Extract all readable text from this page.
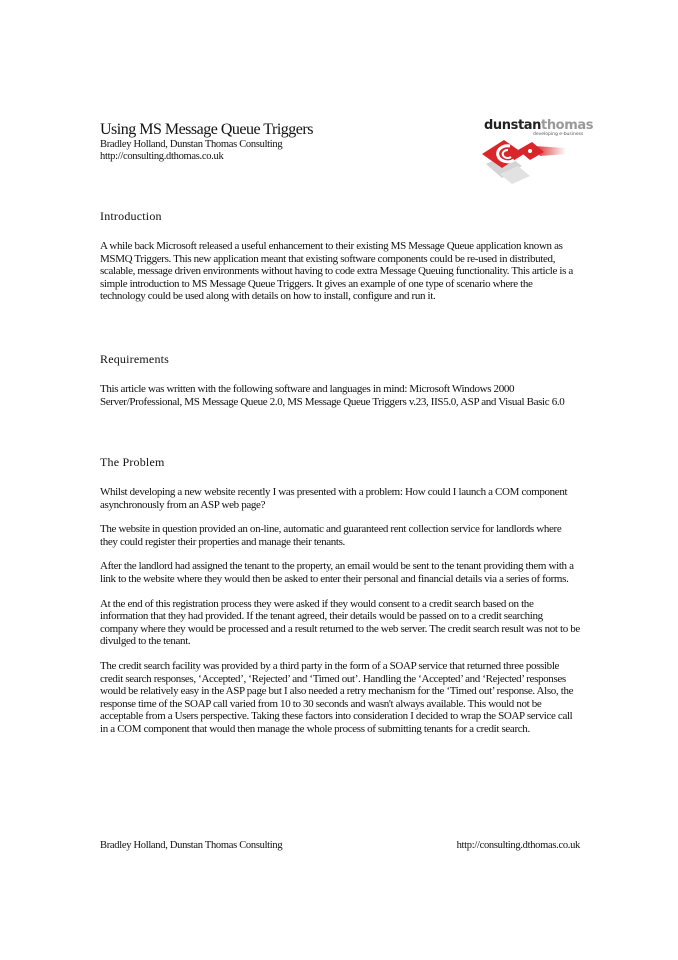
Using MS Message Queue Triggers
Bradley Holland, Dunstan Thomas Consulting
http://consulting.dthomas.co.uk
dunstanthomas
developing e-business
Introduction

A while back Microsoft released a useful enhancement to their existing MS Message Queue application known as MSMQ Triggers. This new application meant that existing software components could be re-used in distributed, scalable, message driven environments without having to code extra Message Queuing functionality. This article is a simple introduction to MS Message Queue Triggers. It gives an example of one type of scenario where the technology could be used along with details on how to install, configure and run it.

Requirements

This article was written with the following software and languages in mind: Microsoft Windows 2000 Server/Professional, MS Message Queue 2.0, MS Message Queue Triggers v.23, IIS5.0, ASP and Visual Basic 6.0

The Problem

Whilst developing a new website recently I was presented with a problem: How could I launch a COM component asynchronously from an ASP web page?

The website in question provided an on-line, automatic and guaranteed rent collection service for landlords where they could register their properties and manage their tenants.

After the landlord had assigned the tenant to the property, an email would be sent to the tenant providing them with a link to the website where they would then be asked to enter their personal and financial details via a series of forms.

At the end of this registration process they were asked if they would consent to a credit search based on the information that they had provided. If the tenant agreed, their details would be passed on to a credit searching company where they would be processed and a result returned to the web server. The credit search result was not to be divulged to the tenant.

The credit search facility was provided by a third party in the form of a SOAP service that returned three possible credit search responses, ‘Accepted’, ‘Rejected’ and ‘Timed out’. Handling the ‘Accepted’ and ‘Rejected’ responses would be relatively easy in the ASP page but I also needed a retry mechanism for the ‘Timed out’ response. Also, the response time of the SOAP call varied from 10 to 30 seconds and wasn't always available. This would not be acceptable from a Users perspective. Taking these factors into consideration I decided to wrap the SOAP service call in a COM component that would then manage the whole process of submitting tenants for a credit search.

Bradley Holland, Dunstan Thomas Consulting	http://consulting.dthomas.co.uk
